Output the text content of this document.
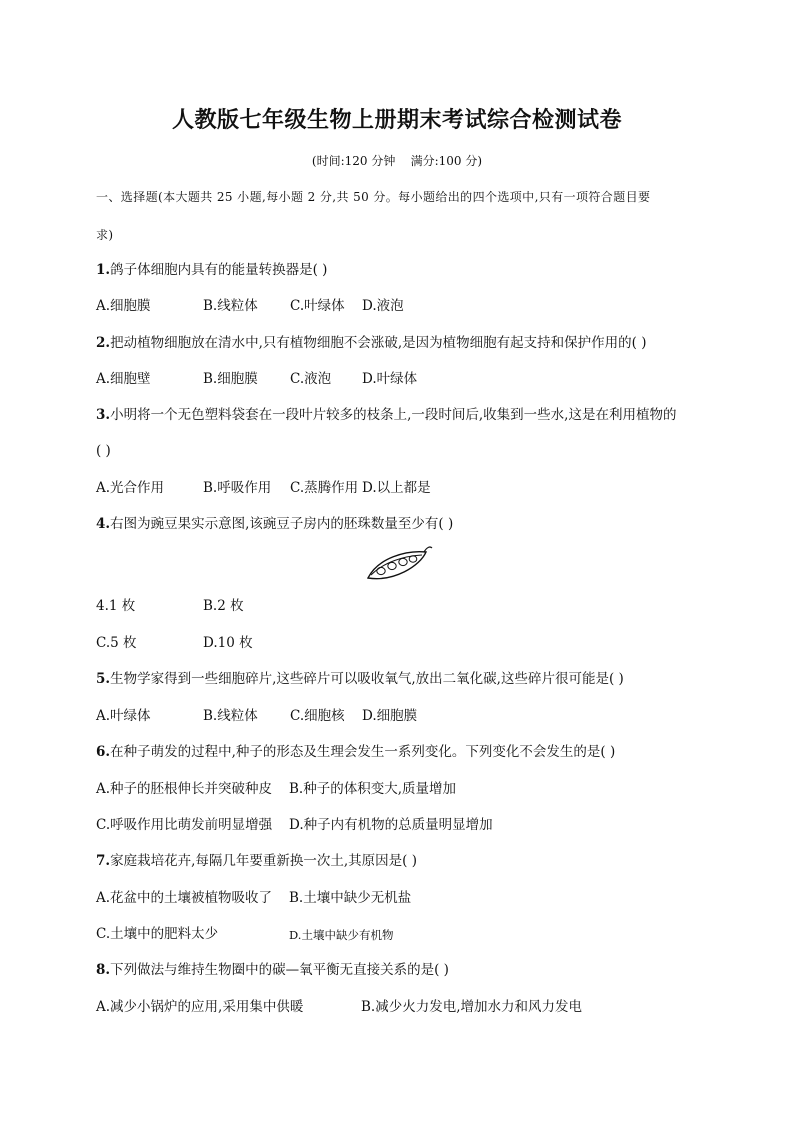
人教版七年级生物上册期末考试综合检测试卷
(时间:120 分钟    满分:100 分)
一、选择题(本大题共 25 小题,每小题 2 分,共 50 分。每小题给出的四个选项中,只有一项符合题目要
求)
1.鸽子体细胞内具有的能量转换器是( )
A.细胞膜	B.线粒体 C.叶绿体 D.液泡
2.把动植物细胞放在清水中,只有植物细胞不会涨破,是因为植物细胞有起支持和保护作用的( )
A.细胞壁	B.细胞膜 C.液泡 D.叶绿体
3.小明将一个无色塑料袋套在一段叶片较多的枝条上,一段时间后,收集到一些水,这是在利用植物的
( )
A.光合作用	B.呼吸作用 C.蒸腾作用 D.以上都是
4.右图为豌豆果实示意图,该豌豆子房内的胚珠数量至少有( )
4.1 枚	B.2 枚
C.5 枚	D.10 枚
5.生物学家得到一些细胞碎片,这些碎片可以吸收氧气,放出二氧化碳,这些碎片很可能是( )
A.叶绿体	B.线粒体 C.细胞核 D.细胞膜
6.在种子萌发的过程中,种子的形态及生理会发生一系列变化。下列变化不会发生的是( )
A.种子的胚根伸长并突破种皮 B.种子的体积变大,质量增加
C.呼吸作用比萌发前明显增强 D.种子内有机物的总质量明显增加
7.家庭栽培花卉,每隔几年要重新换一次土,其原因是( )
A.花盆中的土壤被植物吸收了 B.土壤中缺少无机盐
C.土壤中的肥料太少	D.土壤中缺少有机物
8.下列做法与维持生物圈中的碳—氧平衡无直接关系的是( )
A.减少小锅炉的应用,采用集中供暖	B.减少火力发电,增加水力和风力发电
